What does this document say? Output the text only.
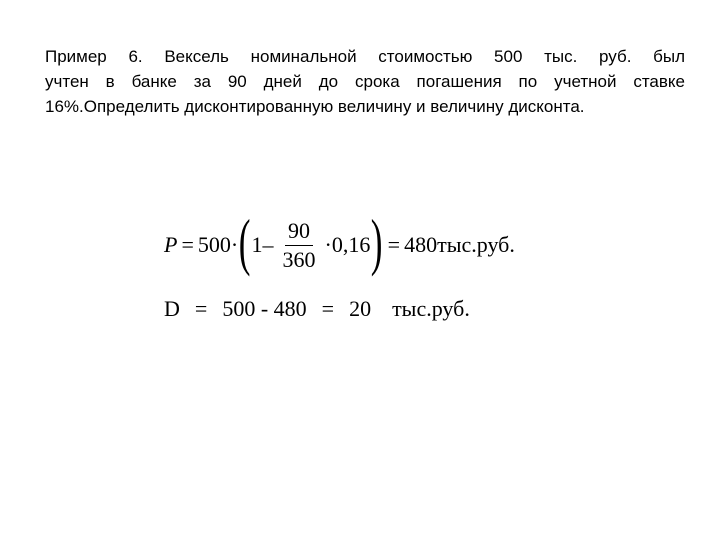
Пример 6. Вексель номинальной стоимостью 500 тыс. руб. был
учтен в банке за 90 дней до срока погашения по учетной ставке
16%.Определить дисконтированную величину и величину дисконта.
P = 500 · ( $1 - \frac{90}{360} \cdot 0,16$ ) = 480 тыс.руб.
D = 500 - 480 = 20 тыс.руб.
